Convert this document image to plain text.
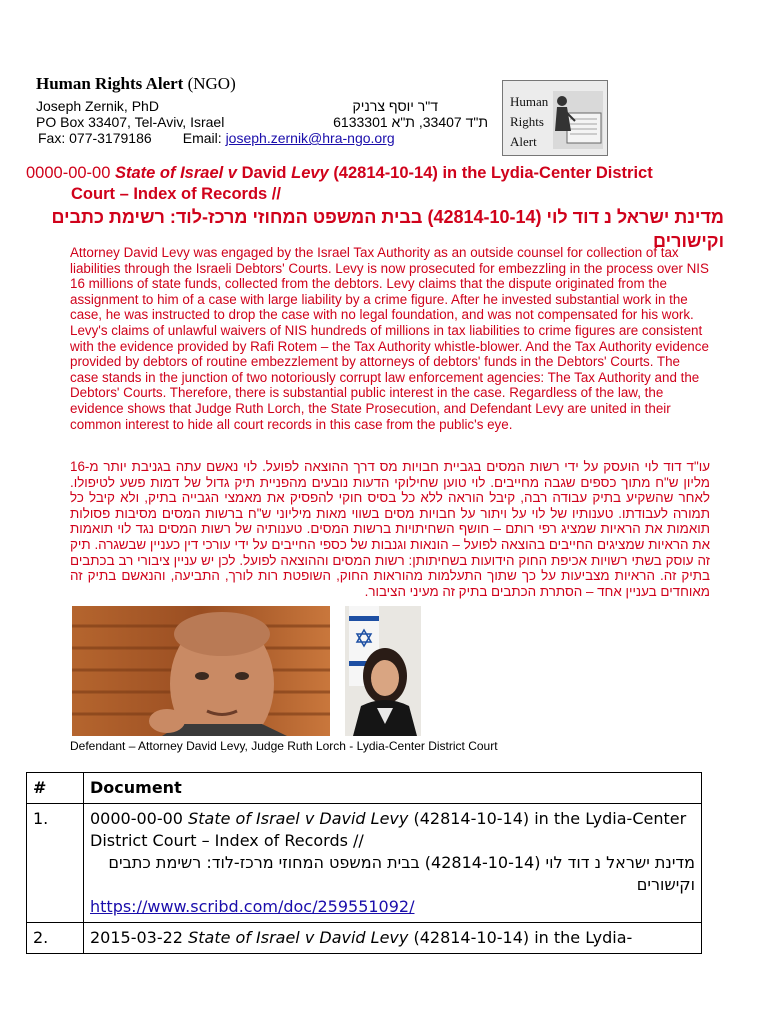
Human Rights Alert (NGO)
Joseph Zernik, PhD
PO Box 33407, Tel-Aviv, Israel
Fax: 077-3179186 Email: joseph.zernik@hra-ngo.org
ד"ר יוסף צרניק
ת"ד 33407, ת"א 6133301
Human
Rights
Alert
0000-00-00 State of Israel v David Levy (42814-10-14) in the Lydia-Center District
Court – Index of Records //
מדינת ישראל נ דוד לוי (42814-10-14) בבית המשפט המחוזי מרכז-לוד: רשימת כתבים וקישורים
Attorney David Levy was engaged by the Israel Tax Authority as an outside counsel for collection of tax liabilities through the Israeli Debtors' Courts. Levy is now prosecuted for embezzling in the process over NIS 16 millions of state funds, collected from the debtors. Levy claims that the dispute originated from the assignment to him of a case with large liability by a crime figure. After he invested substantial work in the case, he was instructed to drop the case with no legal foundation, and was not compensated for his work. Levy's claims of unlawful waivers of NIS hundreds of millions in tax liabilities to crime figures are consistent with the evidence provided by Rafi Rotem – the Tax Authority whistle-blower. And the Tax Authority evidence provided by debtors of routine embezzlement by attorneys of debtors' funds in the Debtors' Courts. The case stands in the junction of two notoriously corrupt law enforcement agencies: The Tax Authority and the Debtors' Courts. Therefore, there is substantial public interest in the case. Regardless of the law, the evidence shows that Judge Ruth Lorch, the State Prosecution, and Defendant Levy are united in their common interest to hide all court records in this case from the public's eye.
עו"ד דוד לוי הועסק על ידי רשות המסים בגביית חבויות מס דרך ההוצאה לפועל. לוי נאשם עתה בגניבת יותר מ-16 מליון ש"ח מתוך כספים שגבה מחייבים. לוי טוען שחילוקי הדעות נובעים מהפניית תיק גדול של דמות פשע לטיפולו. לאחר שהשקיע בתיק עבודה רבה, קיבל הוראה ללא כל בסיס חוקי להפסיק את מאמצי הגבייה בתיק, ולא קיבל כל תמורה לעבודתו. טענותיו של לוי על ויתור על חבויות מסים בשווי מאות מיליוני ש"ח ברשות המסים מסיבות פסולות תואמות את הראיות שמציג רפי רותם – חושף השחיתויות ברשות המסים. טענותיה של רשות המסים נגד לוי תואמות את הראיות שמציגים החייבים בהוצאה לפועל – הונאות וגנבות של כספי החייבים על ידי עורכי דין כעניין שבשגרה. תיק זה עוסק בשתי רשויות אכיפת החוק הידועות בשחיתותן: רשות המסים וההוצאה לפועל. לכן יש עניין ציבורי רב בכתבים בתיק זה. הראיות מצביעות על כך שתוך התעלמות מהוראות החוק, השופטת רות לורך, התביעה, והנאשם בתיק זה מאוחדים בעניין אחד – הסתרת הכתבים בתיק זה מעיני הציבור.
Defendant – Attorney David Levy, Judge Ruth Lorch - Lydia-Center District Court
#	Document
1.	0000-00-00 State of Israel v David Levy (42814-10-14) in the Lydia-Center District Court – Index of Records //
מדינת ישראל נ דוד לוי (42814-10-14) בבית המשפט המחוזי מרכז-לוד: רשימת כתבים וקישורים
https://www.scribd.com/doc/259551092/
2.	2015-03-22 State of Israel v David Levy (42814-10-14) in the Lydia-
